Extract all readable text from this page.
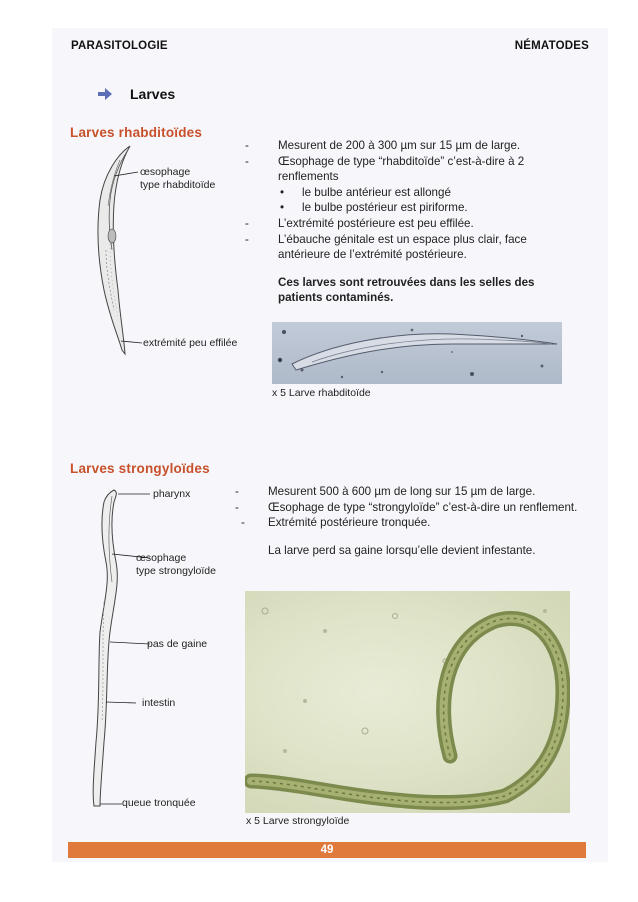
PARASITOLOGIE	NÉMATODES
Larves
Larves rhabditoïdes
œsophage
type rhabditoïde
extrémité peu effilée
-	Mesurent de 200 à 300 µm sur 15 µm de large.
-	Œsophage de type “rhabditoïde” c’est-à-dire à 2 renflements
• le bulbe antérieur est allongé
• le bulbe postérieur est piriforme.
-	L’extrémité postérieure est peu effilée.
-	L’ébauche génitale est un espace plus clair, face antérieure de l’extrémité postérieure.
Ces larves sont retrouvées dans les selles des patients contaminés.
x 5 Larve rhabditoïde
Larves strongyloïdes
pharynx
œsophage
type strongyloïde
pas de gaine
intestin
queue tronquée
-	Mesurent 500 à 600 µm de long sur 15 µm de large.
-	Œsophage de type “strongyloïde” c’est-à-dire un renflement.
- Extrémité postérieure tronquée.
La larve perd sa gaine lorsqu’elle devient infestante.
x 5 Larve strongyloïde
49
